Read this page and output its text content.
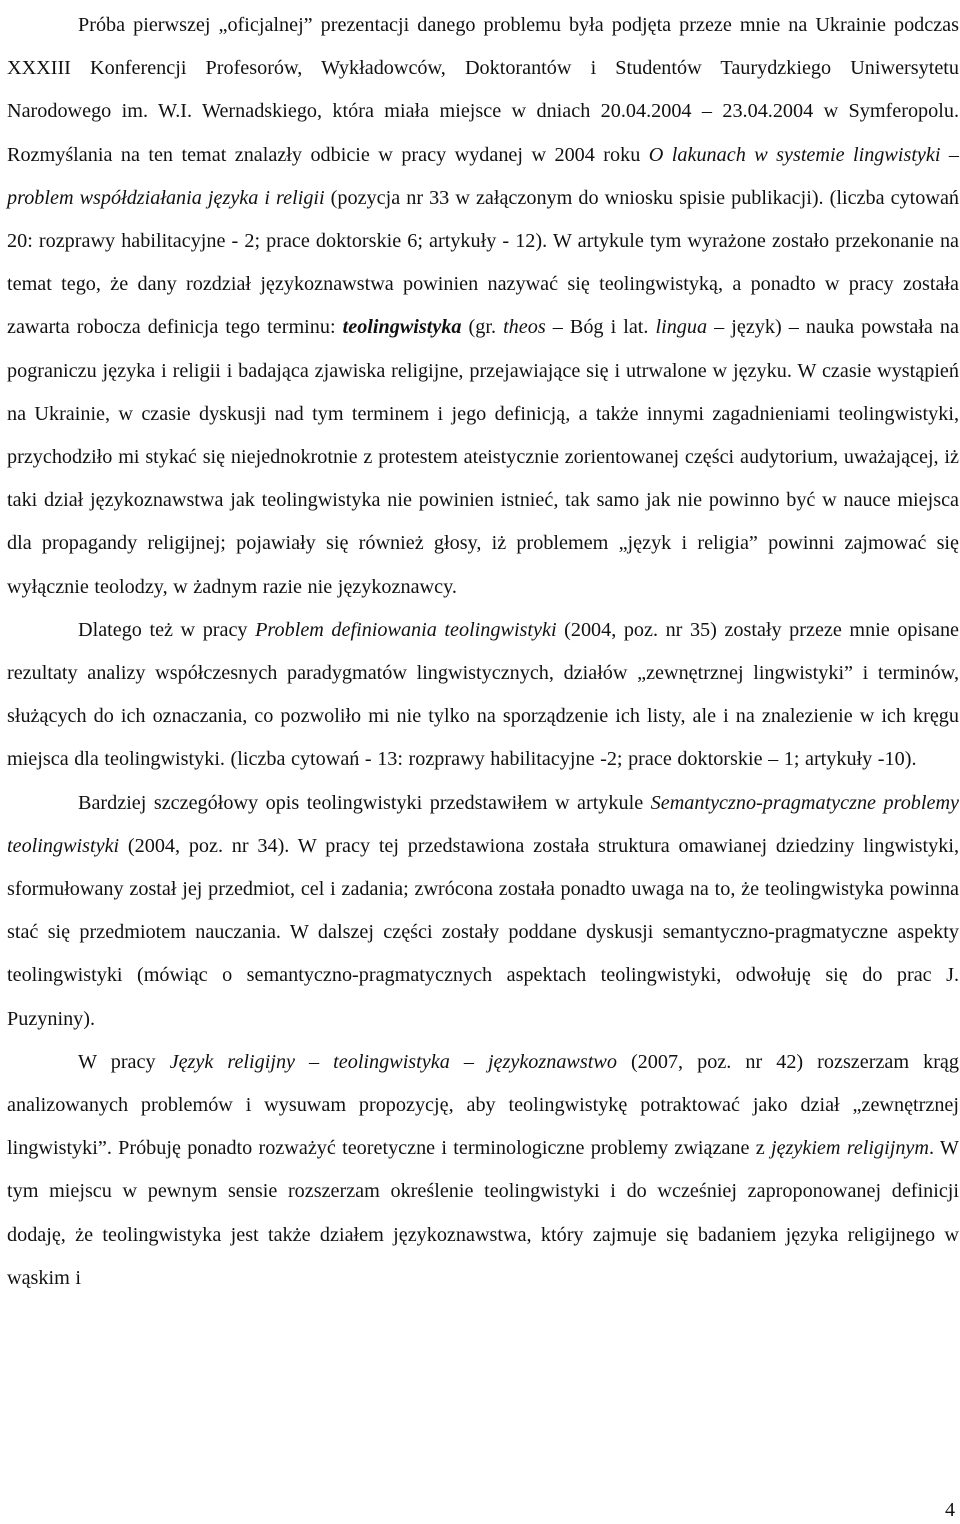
Próba pierwszej „oficjalnej” prezentacji danego problemu była podjęta przeze mnie na Ukrainie podczas XXXIII Konferencji Profesorów, Wykładowców, Doktorantów i Studentów Taurydzkiego Uniwersytetu Narodowego im. W.I. Wernadskiego, która miała miejsce w dniach 20.04.2004 – 23.04.2004 w Symferopolu. Rozmyślania na ten temat znalazły odbicie w pracy wydanej w 2004 roku O lakunach w systemie lingwistyki – problem współdziałania języka i religii (pozycja nr 33 w załączonym do wniosku spisie publikacji). (liczba cytowań 20: rozprawy habilitacyjne - 2; prace doktorskie 6; artykuły - 12). W artykule tym wyrażone zostało przekonanie na temat tego, że dany rozdział językoznawstwa powinien nazywać się teolingwistyką, a ponadto w pracy została zawarta robocza definicja tego terminu: teolingwistyka (gr. theos – Bóg i lat. lingua – język) – nauka powstała na pograniczu języka i religii i badająca zjawiska religijne, przejawiające się i utrwalone w języku. W czasie wystąpień na Ukrainie, w czasie dyskusji nad tym terminem i jego definicją, a także innymi zagadnieniami teolingwistyki, przychodziło mi stykać się niejednokrotnie z protestem ateistycznie zorientowanej części audytorium, uważającej, iż taki dział językoznawstwa jak teolingwistyka nie powinien istnieć, tak samo jak nie powinno być w nauce miejsca dla propagandy religijnej; pojawiały się również głosy, iż problemem „język i religia” powinni zajmować się wyłącznie teolodzy, w żadnym razie nie językoznawcy.

Dlatego też w pracy Problem definiowania teolingwistyki (2004, poz. nr 35) zostały przeze mnie opisane rezultaty analizy współczesnych paradygmatów lingwistycznych, działów „zewnętrznej lingwistyki” i terminów, służących do ich oznaczania, co pozwoliło mi nie tylko na sporządzenie ich listy, ale i na znalezienie w ich kręgu miejsca dla teolingwistyki. (liczba cytowań - 13: rozprawy habilitacyjne -2; prace doktorskie – 1; artykuły -10).

Bardziej szczegółowy opis teolingwistyki przedstawiłem w artykule Semantyczno-pragmatyczne problemy teolingwistyki (2004, poz. nr 34). W pracy tej przedstawiona została struktura omawianej dziedziny lingwistyki, sformułowany został jej przedmiot, cel i zadania; zwrócona została ponadto uwaga na to, że teolingwistyka powinna stać się przedmiotem nauczania. W dalszej części zostały poddane dyskusji semantyczno-pragmatyczne aspekty teolingwistyki (mówiąc o semantyczno-pragmatycznych aspektach teolingwistyki, odwołuję się do prac J. Puzyniny).

W pracy Język religijny – teolingwistyka – językoznawstwo (2007, poz. nr 42) rozszerzam krąg analizowanych problemów i wysuwam propozycję, aby teolingwistykę potraktować jako dział „zewnętrznej lingwistyki”. Próbuję ponadto rozważyć teoretyczne i terminologiczne problemy związane z językiem religijnym. W tym miejscu w pewnym sensie rozszerzam określenie teolingwistyki i do wcześniej zaproponowanej definicji dodaję, że teolingwistyka jest także działem językoznawstwa, który zajmuje się badaniem języka religijnego w wąskim i

4
